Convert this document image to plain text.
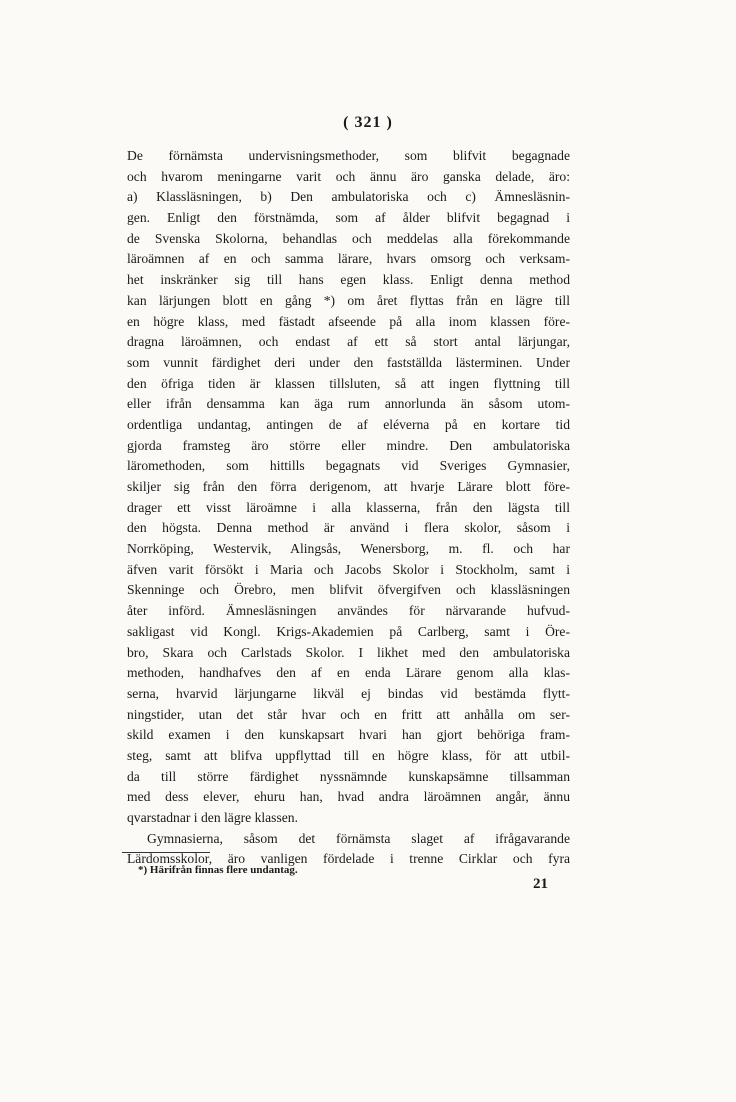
( 321 )
De förnämsta undervisningsmethoder, som blifvit begagnade
och hvarom meningarne varit och ännu äro ganska delade, äro:
a) Klassläsningen, b) Den ambulatoriska och c) Ämnesläsnin-
gen. Enligt den förstnämda, som af ålder blifvit begagnad i
de Svenska Skolorna, behandlas och meddelas alla förekommande
läroämnen af en och samma lärare, hvars omsorg och verksam-
het inskränker sig till hans egen klass. Enligt denna method
kan lärjungen blott en gång *) om året flyttas från en lägre till
en högre klass, med fästadt afseende på alla inom klassen före-
dragna läroämnen, och endast af ett så stort antal lärjungar,
som vunnit färdighet deri under den fastställda lästerminen. Under
den öfriga tiden är klassen tillsluten, så att ingen flyttning till
eller ifrån densamma kan äga rum annorlunda än såsom utom-
ordentliga undantag, antingen de af eléverna på en kortare tid
gjorda framsteg äro större eller mindre. Den ambulatoriska
läromethoden, som hittills begagnats vid Sveriges Gymnasier,
skiljer sig från den förra derigenom, att hvarje Lärare blott före-
drager ett visst läroämne i alla klasserna, från den lägsta till
den högsta. Denna method är använd i flera skolor, såsom i
Norrköping, Westervik, Alingsås, Wenersborg, m. fl. och har
äfven varit försökt i Maria och Jacobs Skolor i Stockholm, samt i
Skenninge och Örebro, men blifvit öfvergifven och klassläsningen
åter införd. Ämnesläsningen användes för närvarande hufvud-
sakligast vid Kongl. Krigs-Akademien på Carlberg, samt i Öre-
bro, Skara och Carlstads Skolor. I likhet med den ambulatoriska
methoden, handhafves den af en enda Lärare genom alla klas-
serna, hvarvid lärjungarne likväl ej bindas vid bestämda flytt-
ningstider, utan det står hvar och en fritt att anhålla om ser-
skild examen i den kunskapsart hvari han gjort behöriga fram-
steg, samt att blifva uppflyttad till en högre klass, för att utbil-
da till större färdighet nyssnämnde kunskapsämne tillsamman
med dess elever, ehuru han, hvad andra läroämnen angår, ännu
qvarstadnar i den lägre klassen.
Gymnasierna, såsom det förnämsta slaget af ifrågavarande
Lärdomsskolor, äro vanligen fördelade i trenne Cirklar och fyra
*) Härifrån finnas flere undantag.
21
